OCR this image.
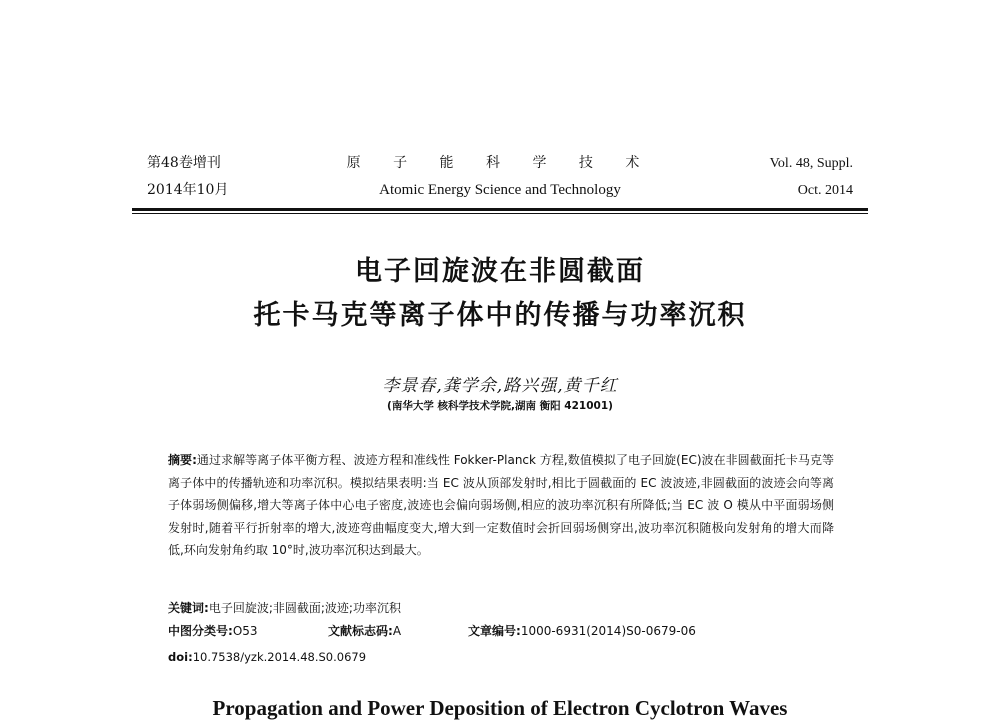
第48卷增刊
2014年10月
原 子 能 科 学 技 术
Atomic Energy Science and Technology
Vol. 48, Suppl.
Oct. 2014
电子回旋波在非圆截面
托卡马克等离子体中的传播与功率沉积
李景春,龚学余,路兴强,黄千红
(南华大学 核科学技术学院,湖南 衡阳 421001)
摘要:通过求解等离子体平衡方程、波迹方程和准线性 Fokker-Planck 方程,数值模拟了电子回旋(EC)波在非圆截面托卡马克等离子体中的传播轨迹和功率沉积。模拟结果表明:当 EC 波从顶部发射时,相比于圆截面的 EC 波波迹,非圆截面的波迹会向等离子体弱场侧偏移,增大等离子体中心电子密度,波迹也会偏向弱场侧,相应的波功率沉积有所降低;当 EC 波 O 模从中平面弱场侧发射时,随着平行折射率的增大,波迹弯曲幅度变大,增大到一定数值时会折回弱场侧穿出,波功率沉积随极向发射角的增大而降低,环向发射角约取 10°时,波功率沉积达到最大。
关键词:电子回旋波;非圆截面;波迹;功率沉积
中图分类号:O53	文献标志码:A	文章编号:1000-6931(2014)S0-0679-06
doi:10.7538/yzk.2014.48.S0.0679
Propagation and Power Deposition of Electron Cyclotron Waves
